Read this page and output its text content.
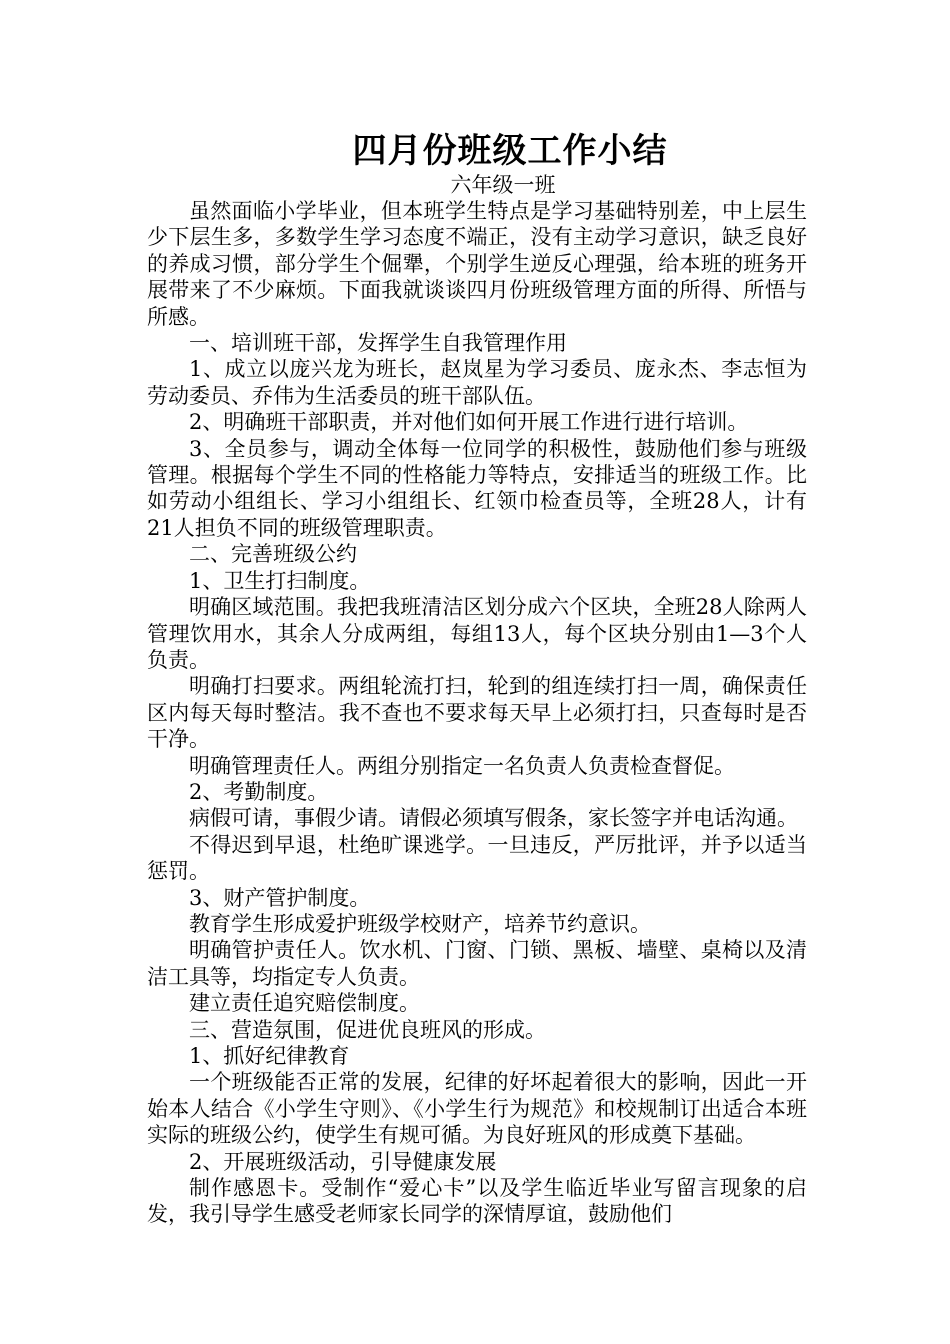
四月份班级工作小结
六年级一班

虽然面临小学毕业，但本班学生特点是学习基础特别差，中上层生少下层生多，多数学生学习态度不端正，没有主动学习意识，缺乏良好的养成习惯，部分学生个倔犟，个别学生逆反心理强，给本班的班务开展带来了不少麻烦。下面我就谈谈四月份班级管理方面的所得、所悟与所感。

一、培训班干部，发挥学生自我管理作用

1、成立以庞兴龙为班长，赵岚星为学习委员、庞永杰、李志恒为劳动委员、乔伟为生活委员的班干部队伍。

2、明确班干部职责，并对他们如何开展工作进行进行培训。

3、全员参与，调动全体每一位同学的积极性，鼓励他们参与班级管理。根据每个学生不同的性格能力等特点，安排适当的班级工作。比如劳动小组组长、学习小组组长、红领巾检查员等，全班28人，计有21人担负不同的班级管理职责。

二、完善班级公约

1、卫生打扫制度。

明确区域范围。我把我班清洁区划分成六个区块，全班28人除两人管理饮用水，其余人分成两组，每组13人，每个区块分别由1—3个人负责。

明确打扫要求。两组轮流打扫，轮到的组连续打扫一周，确保责任区内每天每时整洁。我不查也不要求每天早上必须打扫，只查每时是否干净。

明确管理责任人。两组分别指定一名负责人负责检查督促。

2、考勤制度。

病假可请，事假少请。请假必须填写假条，家长签字并电话沟通。

不得迟到早退，杜绝旷课逃学。一旦违反，严厉批评，并予以适当惩罚。

3、财产管护制度。

教育学生形成爱护班级学校财产，培养节约意识。

明确管护责任人。饮水机、门窗、门锁、黑板、墙壁、桌椅以及清洁工具等，均指定专人负责。

建立责任追究赔偿制度。

三、营造氛围，促进优良班风的形成。

1、抓好纪律教育

一个班级能否正常的发展，纪律的好坏起着很大的影响，因此一开始本人结合《小学生守则》、《小学生行为规范》和校规制订出适合本班实际的班级公约，使学生有规可循。为良好班风的形成奠下基础。

2、开展班级活动，引导健康发展

制作感恩卡。受制作“爱心卡”以及学生临近毕业写留言现象的启发，我引导学生感受老师家长同学的深情厚谊，鼓励他们
